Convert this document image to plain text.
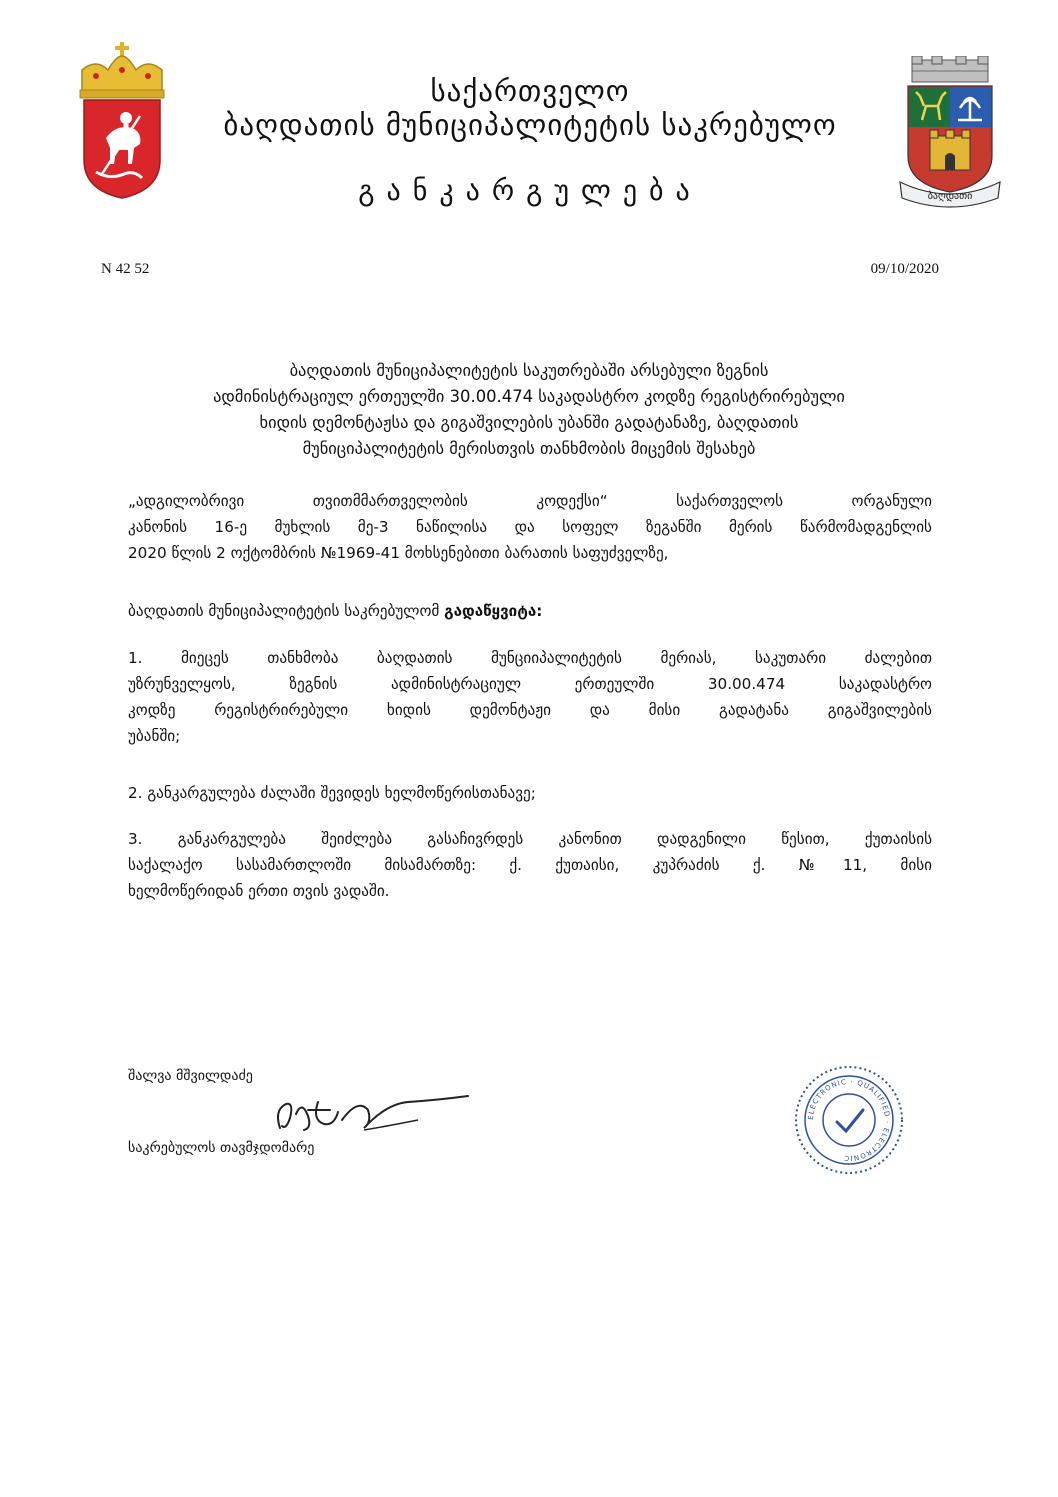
საქართველო
ბაღდათის მუნიციპალიტეტის საკრებულო
განკარგულება	ბაღდათი
N 42 52	09/10/2020
ბაღდათის მუნიციპალიტეტის საკუთრებაში არსებული ზეგნის
ადმინისტრაციულ ერთეულში 30.00.474 საკადასტრო კოდზე რეგისტრირებული
ხიდის დემონტაჟსა და გიგაშვილების უბანში გადატანაზე, ბაღდათის
მუნიციპალიტეტის მერისთვის თანხმობის მიცემის შესახებ
„ადგილობრივი თვითმმართველობის კოდექსი“ საქართველოს ორგანული
კანონის 16-ე მუხლის მე-3 ნაწილისა და სოფელ ზეგანში მერის წარმომადგენლის
2020 წლის 2 ოქტომბრის №1969-41 მოხსენებითი ბარათის საფუძველზე,
ბაღდათის მუნიციპალიტეტის საკრებულომ გადაწყვიტა:
1. მიეცეს თანხმობა ბაღდათის მუნციიპალიტეტის მერიას, საკუთარი ძალებით
უზრუნველყოს, ზეგნის ადმინისტრაციულ ერთეულში 30.00.474 საკადასტრო
კოდზე რეგისტრირებული ხიდის დემონტაჟი და მისი გადატანა გიგაშვილების
უბანში;
2. განკარგულება ძალაში შევიდეს ხელმოწერისთანავე;
3. განკარგულება შეიძლება გასაჩივრდეს კანონით დადგენილი წესით, ქუთაისის
საქალაქო სასამართლოში მისამართზე: ქ. ქუთაისი, კუპრაძის ქ. №11, მისი
ხელმოწერიდან ერთი თვის ვადაში.
შალვა მშვილდაძე
საკრებულოს თავმჯდომარე
ELECTRONIC · QUALIFIED · ELECTRONIC
